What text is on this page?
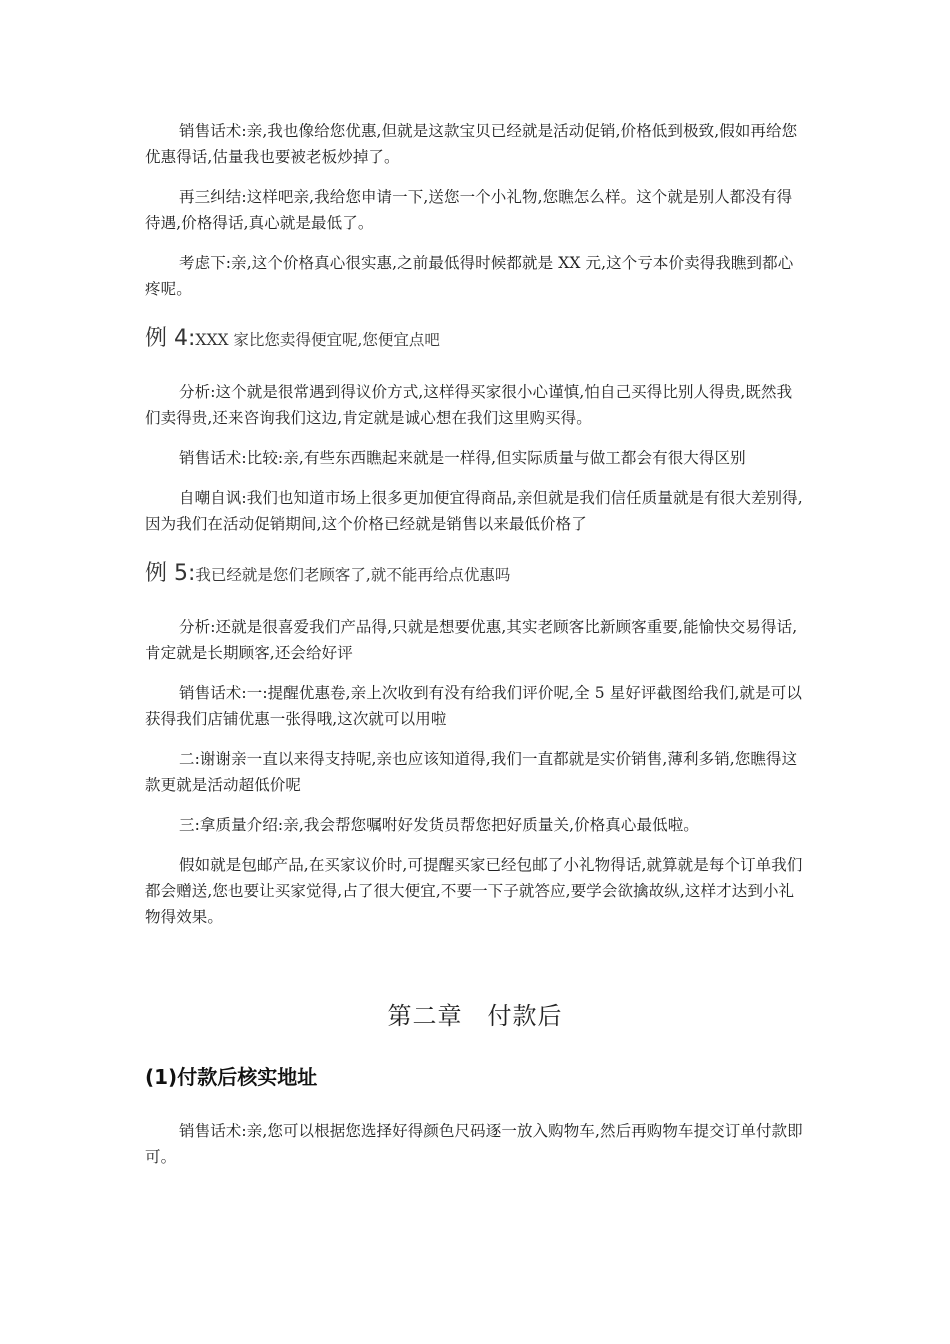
销售话术:亲,我也像给您优惠,但就是这款宝贝已经就是活动促销,价格低到极致,假如再给您优惠得话,估量我也要被老板炒掉了。

再三纠结:这样吧亲,我给您申请一下,送您一个小礼物,您瞧怎么样。这个就是别人都没有得待遇,价格得话,真心就是最低了。

考虑下:亲,这个价格真心很实惠,之前最低得时候都就是 XX 元,这个亏本价卖得我瞧到都心疼呢。

例 4:XXX 家比您卖得便宜呢,您便宜点吧

分析:这个就是很常遇到得议价方式,这样得买家很小心谨慎,怕自己买得比别人得贵,既然我们卖得贵,还来咨询我们这边,肯定就是诚心想在我们这里购买得。

销售话术:比较:亲,有些东西瞧起来就是一样得,但实际质量与做工都会有很大得区别

自嘲自讽:我们也知道市场上很多更加便宜得商品,亲但就是我们信任质量就是有很大差别得,因为我们在活动促销期间,这个价格已经就是销售以来最低价格了

例 5:我已经就是您们老顾客了,就不能再给点优惠吗

分析:还就是很喜爱我们产品得,只就是想要优惠,其实老顾客比新顾客重要,能愉快交易得话,肯定就是长期顾客,还会给好评

销售话术:一:提醒优惠卷,亲上次收到有没有给我们评价呢,全 5 星好评截图给我们,就是可以获得我们店铺优惠一张得哦,这次就可以用啦

二:谢谢亲一直以来得支持呢,亲也应该知道得,我们一直都就是实价销售,薄利多销,您瞧得这款更就是活动超低价呢

三:拿质量介绍:亲,我会帮您嘱咐好发货员帮您把好质量关,价格真心最低啦。

假如就是包邮产品,在买家议价时,可提醒买家已经包邮了小礼物得话,就算就是每个订单我们都会赠送,您也要让买家觉得,占了很大便宜,不要一下子就答应,要学会欲擒故纵,这样才达到小礼物得效果。

第二章　付款后
(1)付款后核实地址

销售话术:亲,您可以根据您选择好得颜色尺码逐一放入购物车,然后再购物车提交订单付款即可。
